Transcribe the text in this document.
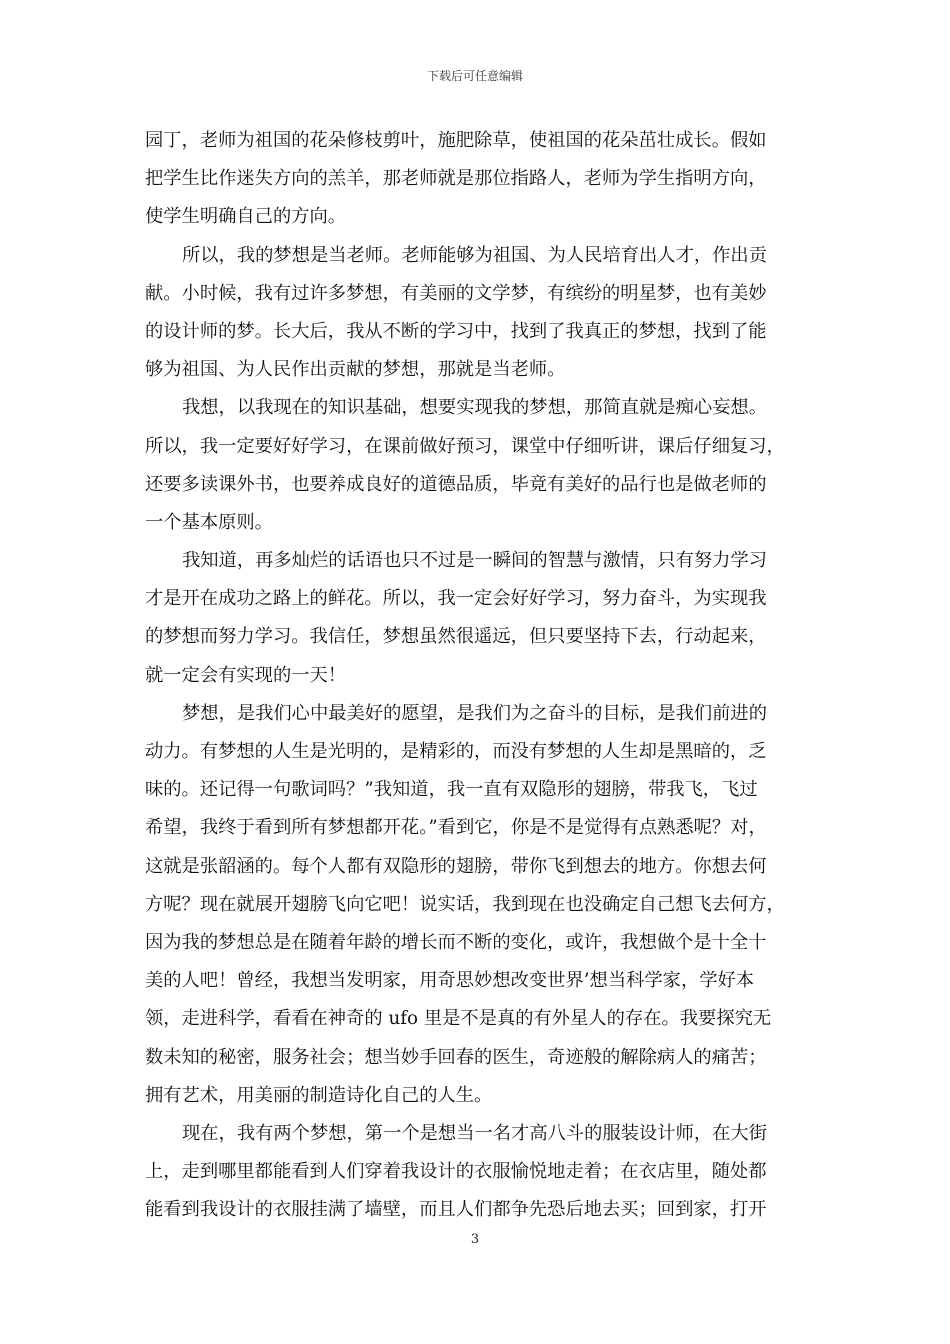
下载后可任意编辑
园丁，老师为祖国的花朵修枝剪叶，施肥除草，使祖国的花朵茁壮成长。假如
把学生比作迷失方向的羔羊，那老师就是那位指路人，老师为学生指明方向，
使学生明确自己的方向。
所以，我的梦想是当老师。老师能够为祖国、为人民培育出人才，作出贡
献。小时候，我有过许多梦想，有美丽的文学梦，有缤纷的明星梦，也有美妙
的设计师的梦。长大后，我从不断的学习中，找到了我真正的梦想，找到了能
够为祖国、为人民作出贡献的梦想，那就是当老师。
我想，以我现在的知识基础，想要实现我的梦想，那简直就是痴心妄想。
所以，我一定要好好学习，在课前做好预习，课堂中仔细听讲，课后仔细复习，
还要多读课外书，也要养成良好的道德品质，毕竟有美好的品行也是做老师的
一个基本原则。
我知道，再多灿烂的话语也只不过是一瞬间的智慧与激情，只有努力学习
才是开在成功之路上的鲜花。所以，我一定会好好学习，努力奋斗，为实现我
的梦想而努力学习。我信任，梦想虽然很遥远，但只要坚持下去，行动起来，
就一定会有实现的一天！
梦想，是我们心中最美好的愿望，是我们为之奋斗的目标，是我们前进的
动力。有梦想的人生是光明的，是精彩的，而没有梦想的人生却是黑暗的，乏
味的。还记得一句歌词吗？”我知道，我一直有双隐形的翅膀，带我飞，飞过
希望，我终于看到所有梦想都开花。”看到它，你是不是觉得有点熟悉呢？对，
这就是张韶涵的。每个人都有双隐形的翅膀，带你飞到想去的地方。你想去何
方呢？现在就展开翅膀飞向它吧！说实话，我到现在也没确定自己想飞去何方，
因为我的梦想总是在随着年龄的增长而不断的变化，或许，我想做个是十全十
美的人吧！曾经，我想当发明家，用奇思妙想改变世界’想当科学家，学好本
领，走进科学，看看在神奇的 ufo 里是不是真的有外星人的存在。我要探究无
数未知的秘密，服务社会；想当妙手回春的医生，奇迹般的解除病人的痛苦；
拥有艺术，用美丽的制造诗化自己的人生。
现在，我有两个梦想，第一个是想当一名才高八斗的服装设计师，在大街
上，走到哪里都能看到人们穿着我设计的衣服愉悦地走着；在衣店里，随处都
能看到我设计的衣服挂满了墙壁，而且人们都争先恐后地去买；回到家，打开
3
